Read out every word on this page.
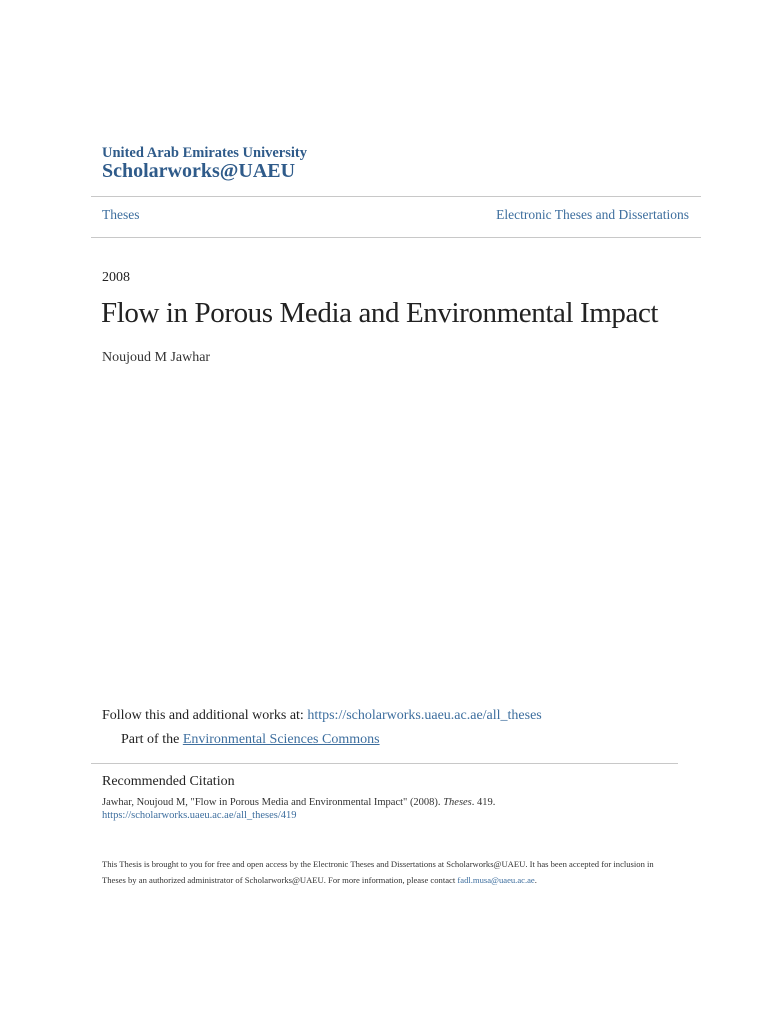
United Arab Emirates University
Scholarworks@UAEU
Theses	Electronic Theses and Dissertations
2008
Flow in Porous Media and Environmental Impact
Noujoud M Jawhar
Follow this and additional works at: https://scholarworks.uaeu.ac.ae/all_theses
Part of the Environmental Sciences Commons
Recommended Citation
Jawhar, Noujoud M, "Flow in Porous Media and Environmental Impact" (2008). Theses. 419.
https://scholarworks.uaeu.ac.ae/all_theses/419
This Thesis is brought to you for free and open access by the Electronic Theses and Dissertations at Scholarworks@UAEU. It has been accepted for inclusion in Theses by an authorized administrator of Scholarworks@UAEU. For more information, please contact fadl.musa@uaeu.ac.ae.
